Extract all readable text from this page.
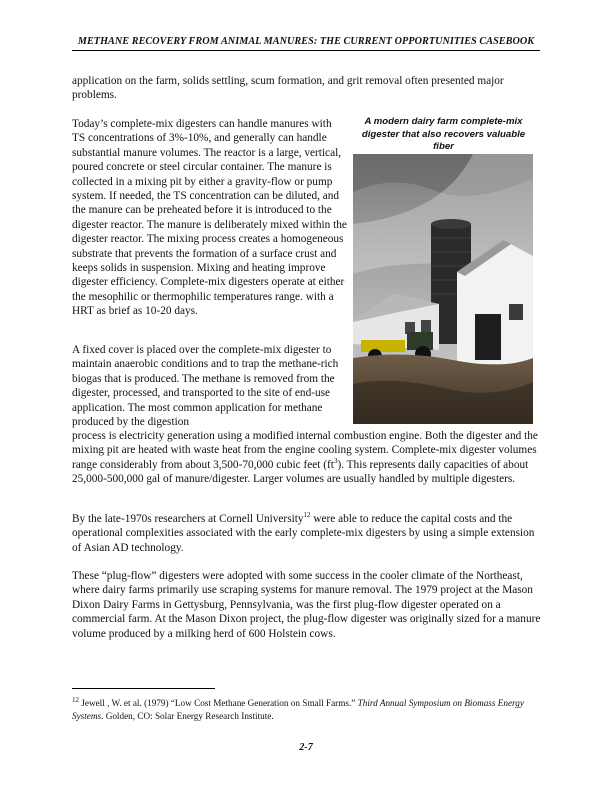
METHANE RECOVERY FROM ANIMAL MANURES: THE CURRENT OPPORTUNITIES CASEBOOK

application on the farm, solids settling, scum formation, and grit removal often presented major problems.

Today’s complete-mix digesters can handle manures with TS concentrations of 3%-10%, and generally can handle substantial manure volumes. The reactor is a large, vertical, poured concrete or steel circular container. The manure is collected in a mixing pit by either a gravity-flow or pump system. If needed, the TS concentration can be diluted, and the manure can be preheated before it is introduced to the digester reactor. The manure is deliberately mixed within the digester reactor. The mixing process creates a homogeneous substrate that prevents the formation of a surface crust and keeps solids in suspension. Mixing and heating improve digester efficiency. Complete-mix digesters operate at either the mesophilic or thermophilic temperatures range. with a HRT as brief as 10-20 days.

A modern dairy farm complete-mix digester that also recovers valuable fiber

A fixed cover is placed over the complete-mix digester to maintain anaerobic conditions and to trap the methane-rich biogas that is produced. The methane is removed from the digester, processed, and transported to the site of end-use application. The most common application for methane produced by the digestion

process is electricity generation using a modified internal combustion engine. Both the digester and the mixing pit are heated with waste heat from the engine cooling system. Complete-mix digester volumes range considerably from about 3,500-70,000 cubic feet $(ft^3)$. This represents daily capacities of about 25,000-500,000 gal of manure/digester. Larger volumes are usually handled by multiple digesters.

By the late-1970s researchers at Cornell University$^{12}$ were able to reduce the capital costs and the operational complexities associated with the early complete-mix digesters by using a simple extension of Asian AD technology.

These “plug-flow” digesters were adopted with some success in the cooler climate of the Northeast, where dairy farms primarily use scraping systems for manure removal. The 1979 project at the Mason Dixon Dairy Farms in Gettysburg, Pennsylvania, was the first plug-flow digester operated on a commercial farm. At the Mason Dixon project, the plug-flow digester was originally sized for a manure volume produced by a milking herd of 600 Holstein cows.

$^{12}$ Jewell , W. et al. (1979) “Low Cost Methane Generation on Small Farms.” Third Annual Symposium on Biomass Energy Systems. Golden, CO: Solar Energy Research Institute.
2-7
